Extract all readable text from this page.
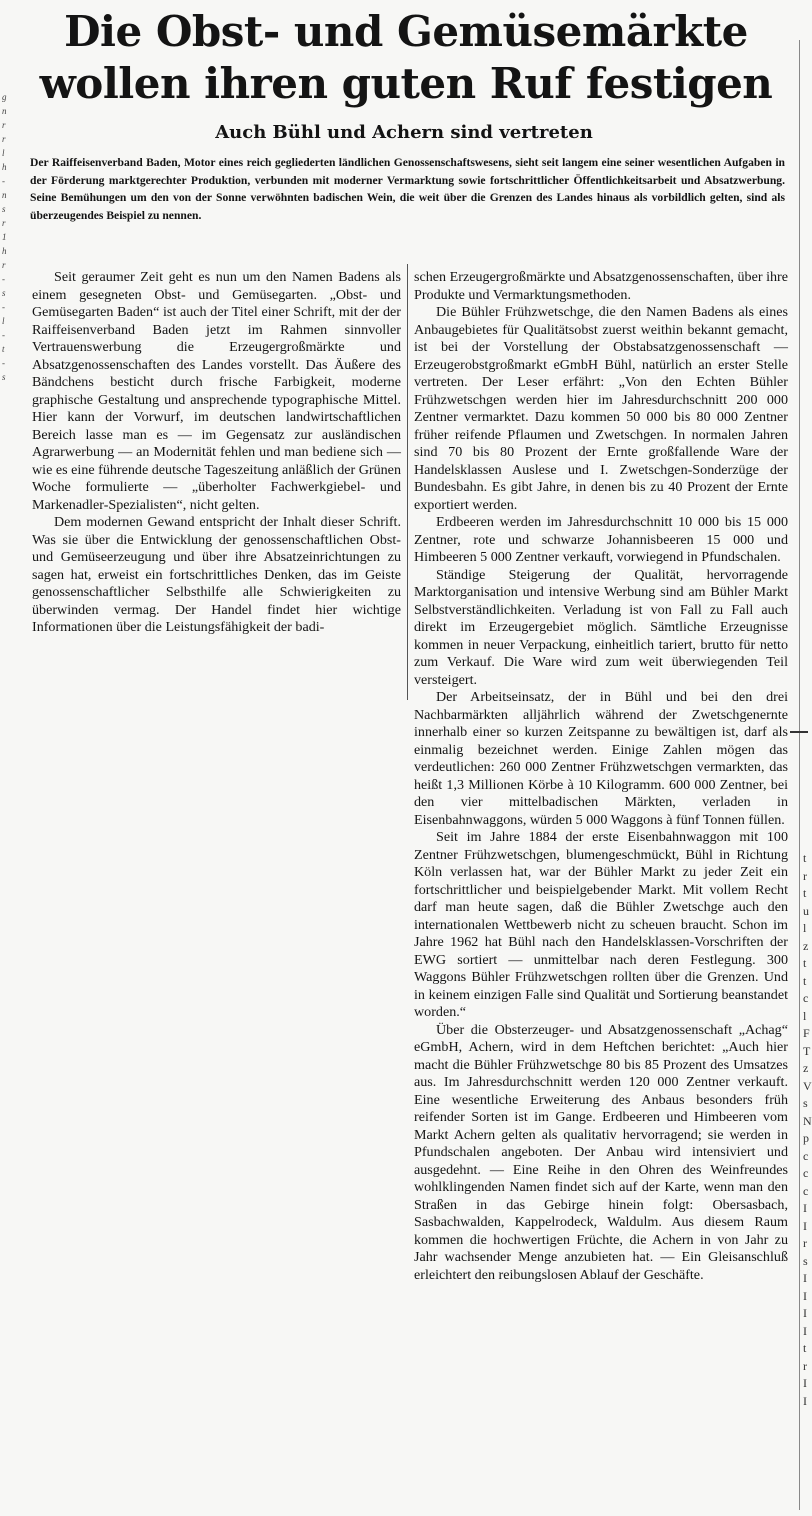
g
n
r
r
l
h
-
n
s
r
1
h
r
-
s
-
l
-
t
-
s
Die Obst- und Gemüsemärkte
wollen ihren guten Ruf festigen
Auch Bühl und Achern sind vertreten

Der Raiffeisenverband Baden, Motor eines reich gegliederten ländlichen Genossenschaftswesens, sieht seit langem eine seiner wesentlichen Aufgaben in der Förderung marktgerechter Produktion, verbunden mit moderner Vermarktung sowie fortschrittlicher Öffentlichkeitsarbeit und Absatzwerbung. Seine Bemühungen um den von der Sonne verwöhnten badischen Wein, die weit über die Grenzen des Landes hinaus als vorbildlich gelten, sind als überzeugendes Beispiel zu nennen.

Seit geraumer Zeit geht es nun um den Namen Badens als einem gesegneten Obst- und Gemüsegarten. „Obst- und Gemüsegarten Baden“ ist auch der Titel einer Schrift, mit der der Raiffeisenverband Baden jetzt im Rahmen sinnvoller Vertrauenswerbung die Erzeugergroßmärkte und Absatzgenossenschaften des Landes vorstellt. Das Äußere des Bändchens besticht durch frische Farbigkeit, moderne graphische Gestaltung und ansprechende typographische Mittel. Hier kann der Vorwurf, im deutschen landwirtschaftlichen Bereich lasse man es — im Gegensatz zur ausländischen Agrarwerbung — an Modernität fehlen und man bediene sich — wie es eine führende deutsche Tageszeitung anläßlich der Grünen Woche formulierte — „überholter Fachwerkgiebel- und Markenadler-Spezialisten“, nicht gelten.

Dem modernen Gewand entspricht der Inhalt dieser Schrift. Was sie über die Entwicklung der genossenschaftlichen Obst- und Gemüseerzeugung und über ihre Absatzeinrichtungen zu sagen hat, erweist ein fortschrittliches Denken, das im Geiste genossenschaftlicher Selbsthilfe alle Schwierigkeiten zu überwinden vermag. Der Handel findet hier wichtige Informationen über die Leistungsfähigkeit der badi-

schen Erzeugergroßmärkte und Absatzgenossenschaften, über ihre Produkte und Vermarktungsmethoden.

Die Bühler Frühzwetschge, die den Namen Badens als eines Anbaugebietes für Qualitätsobst zuerst weithin bekannt gemacht, ist bei der Vorstellung der Obstabsatzgenossenschaft — Erzeugerobstgroßmarkt eGmbH Bühl, natürlich an erster Stelle vertreten. Der Leser erfährt: „Von den Echten Bühler Frühzwetschgen werden hier im Jahresdurchschnitt 200 000 Zentner vermarktet. Dazu kommen 50 000 bis 80 000 Zentner früher reifende Pflaumen und Zwetschgen. In normalen Jahren sind 70 bis 80 Prozent der Ernte großfallende Ware der Handelsklassen Auslese und I. Zwetschgen-Sonderzüge der Bundesbahn. Es gibt Jahre, in denen bis zu 40 Prozent der Ernte exportiert werden.

Erdbeeren werden im Jahresdurchschnitt 10 000 bis 15 000 Zentner, rote und schwarze Johannisbeeren 15 000 und Himbeeren 5 000 Zentner verkauft, vorwiegend in Pfundschalen.

Ständige Steigerung der Qualität, hervorragende Marktorganisation und intensive Werbung sind am Bühler Markt Selbstverständlichkeiten. Verladung ist von Fall zu Fall auch direkt im Erzeugergebiet möglich. Sämtliche Erzeugnisse kommen in neuer Verpackung, einheitlich tariert, brutto für netto zum Verkauf. Die Ware wird zum weit überwiegenden Teil versteigert.

Der Arbeitseinsatz, der in Bühl und bei den drei Nachbarmärkten alljährlich während der Zwetschgenernte innerhalb einer so kurzen Zeitspanne zu bewältigen ist, darf als einmalig bezeichnet werden. Einige Zahlen mögen das verdeutlichen: 260 000 Zentner Frühzwetschgen vermarkten, das heißt 1,3 Millionen Körbe à 10 Kilogramm. 600 000 Zentner, bei den vier mittelbadischen Märkten, verladen in Eisenbahnwaggons, würden 5 000 Waggons à fünf Tonnen füllen.

Seit im Jahre 1884 der erste Eisenbahnwaggon mit 100 Zentner Frühzwetschgen, blumengeschmückt, Bühl in Richtung Köln verlassen hat, war der Bühler Markt zu jeder Zeit ein fortschrittlicher und beispielgebender Markt. Mit vollem Recht darf man heute sagen, daß die Bühler Zwetschge auch den internationalen Wettbewerb nicht zu scheuen braucht. Schon im Jahre 1962 hat Bühl nach den Handelsklassen-Vorschriften der EWG sortiert — unmittelbar nach deren Festlegung. 300 Waggons Bühler Frühzwetschgen rollten über die Grenzen. Und in keinem einzigen Falle sind Qualität und Sortierung beanstandet worden.“

Über die Obsterzeuger- und Absatzgenossenschaft „Achag“ eGmbH, Achern, wird in dem Heftchen berichtet: „Auch hier macht die Bühler Frühzwetschge 80 bis 85 Prozent des Umsatzes aus. Im Jahresdurchschnitt werden 120 000 Zentner verkauft. Eine wesentliche Erweiterung des Anbaus besonders früh reifender Sorten ist im Gange. Erdbeeren und Himbeeren vom Markt Achern gelten als qualitativ hervorragend; sie werden in Pfundschalen angeboten. Der Anbau wird intensiviert und ausgedehnt. — Eine Reihe in den Ohren des Weinfreundes wohlklingenden Namen findet sich auf der Karte, wenn man den Straßen in das Gebirge hinein folgt: Obersasbach, Sasbachwalden, Kappelrodeck, Waldulm. Aus diesem Raum kommen die hochwertigen Früchte, die Achern in von Jahr zu Jahr wachsender Menge anzubieten hat. — Ein Gleisanschluß erleichtert den reibungslosen Ablauf der Geschäfte.

t
r
t
u
l
z
t
t
c
l
F
T
z
V
s
N
p
c
c
c
I
I
r
s
I
I
I
I
t
r
I
I
